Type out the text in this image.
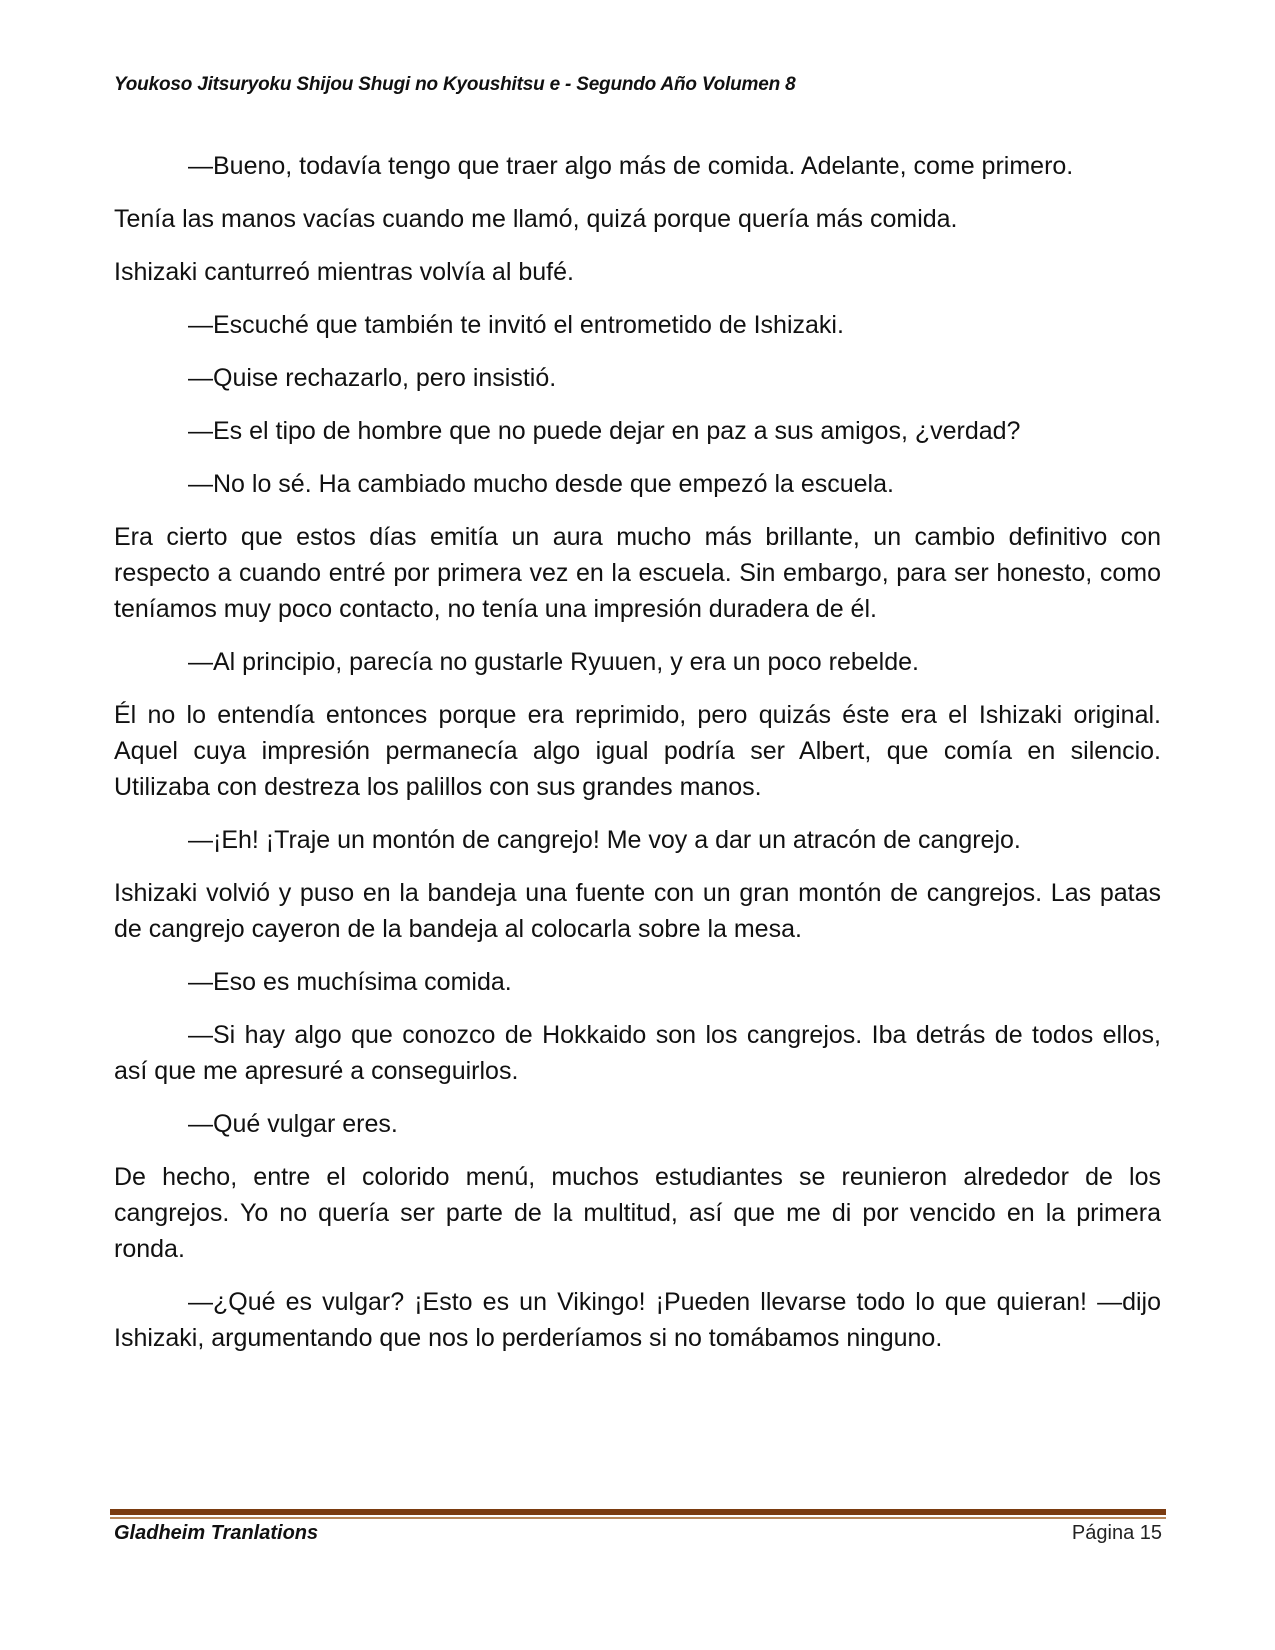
Youkoso Jitsuryoku Shijou Shugi no Kyoushitsu e - Segundo Año Volumen 8

—Bueno, todavía tengo que traer algo más de comida. Adelante, come primero.

Tenía las manos vacías cuando me llamó, quizá porque quería más comida.

Ishizaki canturreó mientras volvía al bufé.

—Escuché que también te invitó el entrometido de Ishizaki.

—Quise rechazarlo, pero insistió.

—Es el tipo de hombre que no puede dejar en paz a sus amigos, ¿verdad?

—No lo sé. Ha cambiado mucho desde que empezó la escuela.

Era cierto que estos días emitía un aura mucho más brillante, un cambio definitivo con respecto a cuando entré por primera vez en la escuela. Sin embargo, para ser honesto, como teníamos muy poco contacto, no tenía una impresión duradera de él.

—Al principio, parecía no gustarle Ryuuen, y era un poco rebelde.

Él no lo entendía entonces porque era reprimido, pero quizás éste era el Ishizaki original. Aquel cuya impresión permanecía algo igual podría ser Albert, que comía en silencio. Utilizaba con destreza los palillos con sus grandes manos.

—¡Eh! ¡Traje un montón de cangrejo! Me voy a dar un atracón de cangrejo.

Ishizaki volvió y puso en la bandeja una fuente con un gran montón de cangrejos. Las patas de cangrejo cayeron de la bandeja al colocarla sobre la mesa.

—Eso es muchísima comida.

—Si hay algo que conozco de Hokkaido son los cangrejos. Iba detrás de todos ellos, así que me apresuré a conseguirlos.

—Qué vulgar eres.

De hecho, entre el colorido menú, muchos estudiantes se reunieron alrededor de los cangrejos. Yo no quería ser parte de la multitud, así que me di por vencido en la primera ronda.

—¿Qué es vulgar? ¡Esto es un Vikingo! ¡Pueden llevarse todo lo que quieran! —dijo Ishizaki, argumentando que nos lo perderíamos si no tomábamos ninguno.

Gladheim Tranlations	Página 15
